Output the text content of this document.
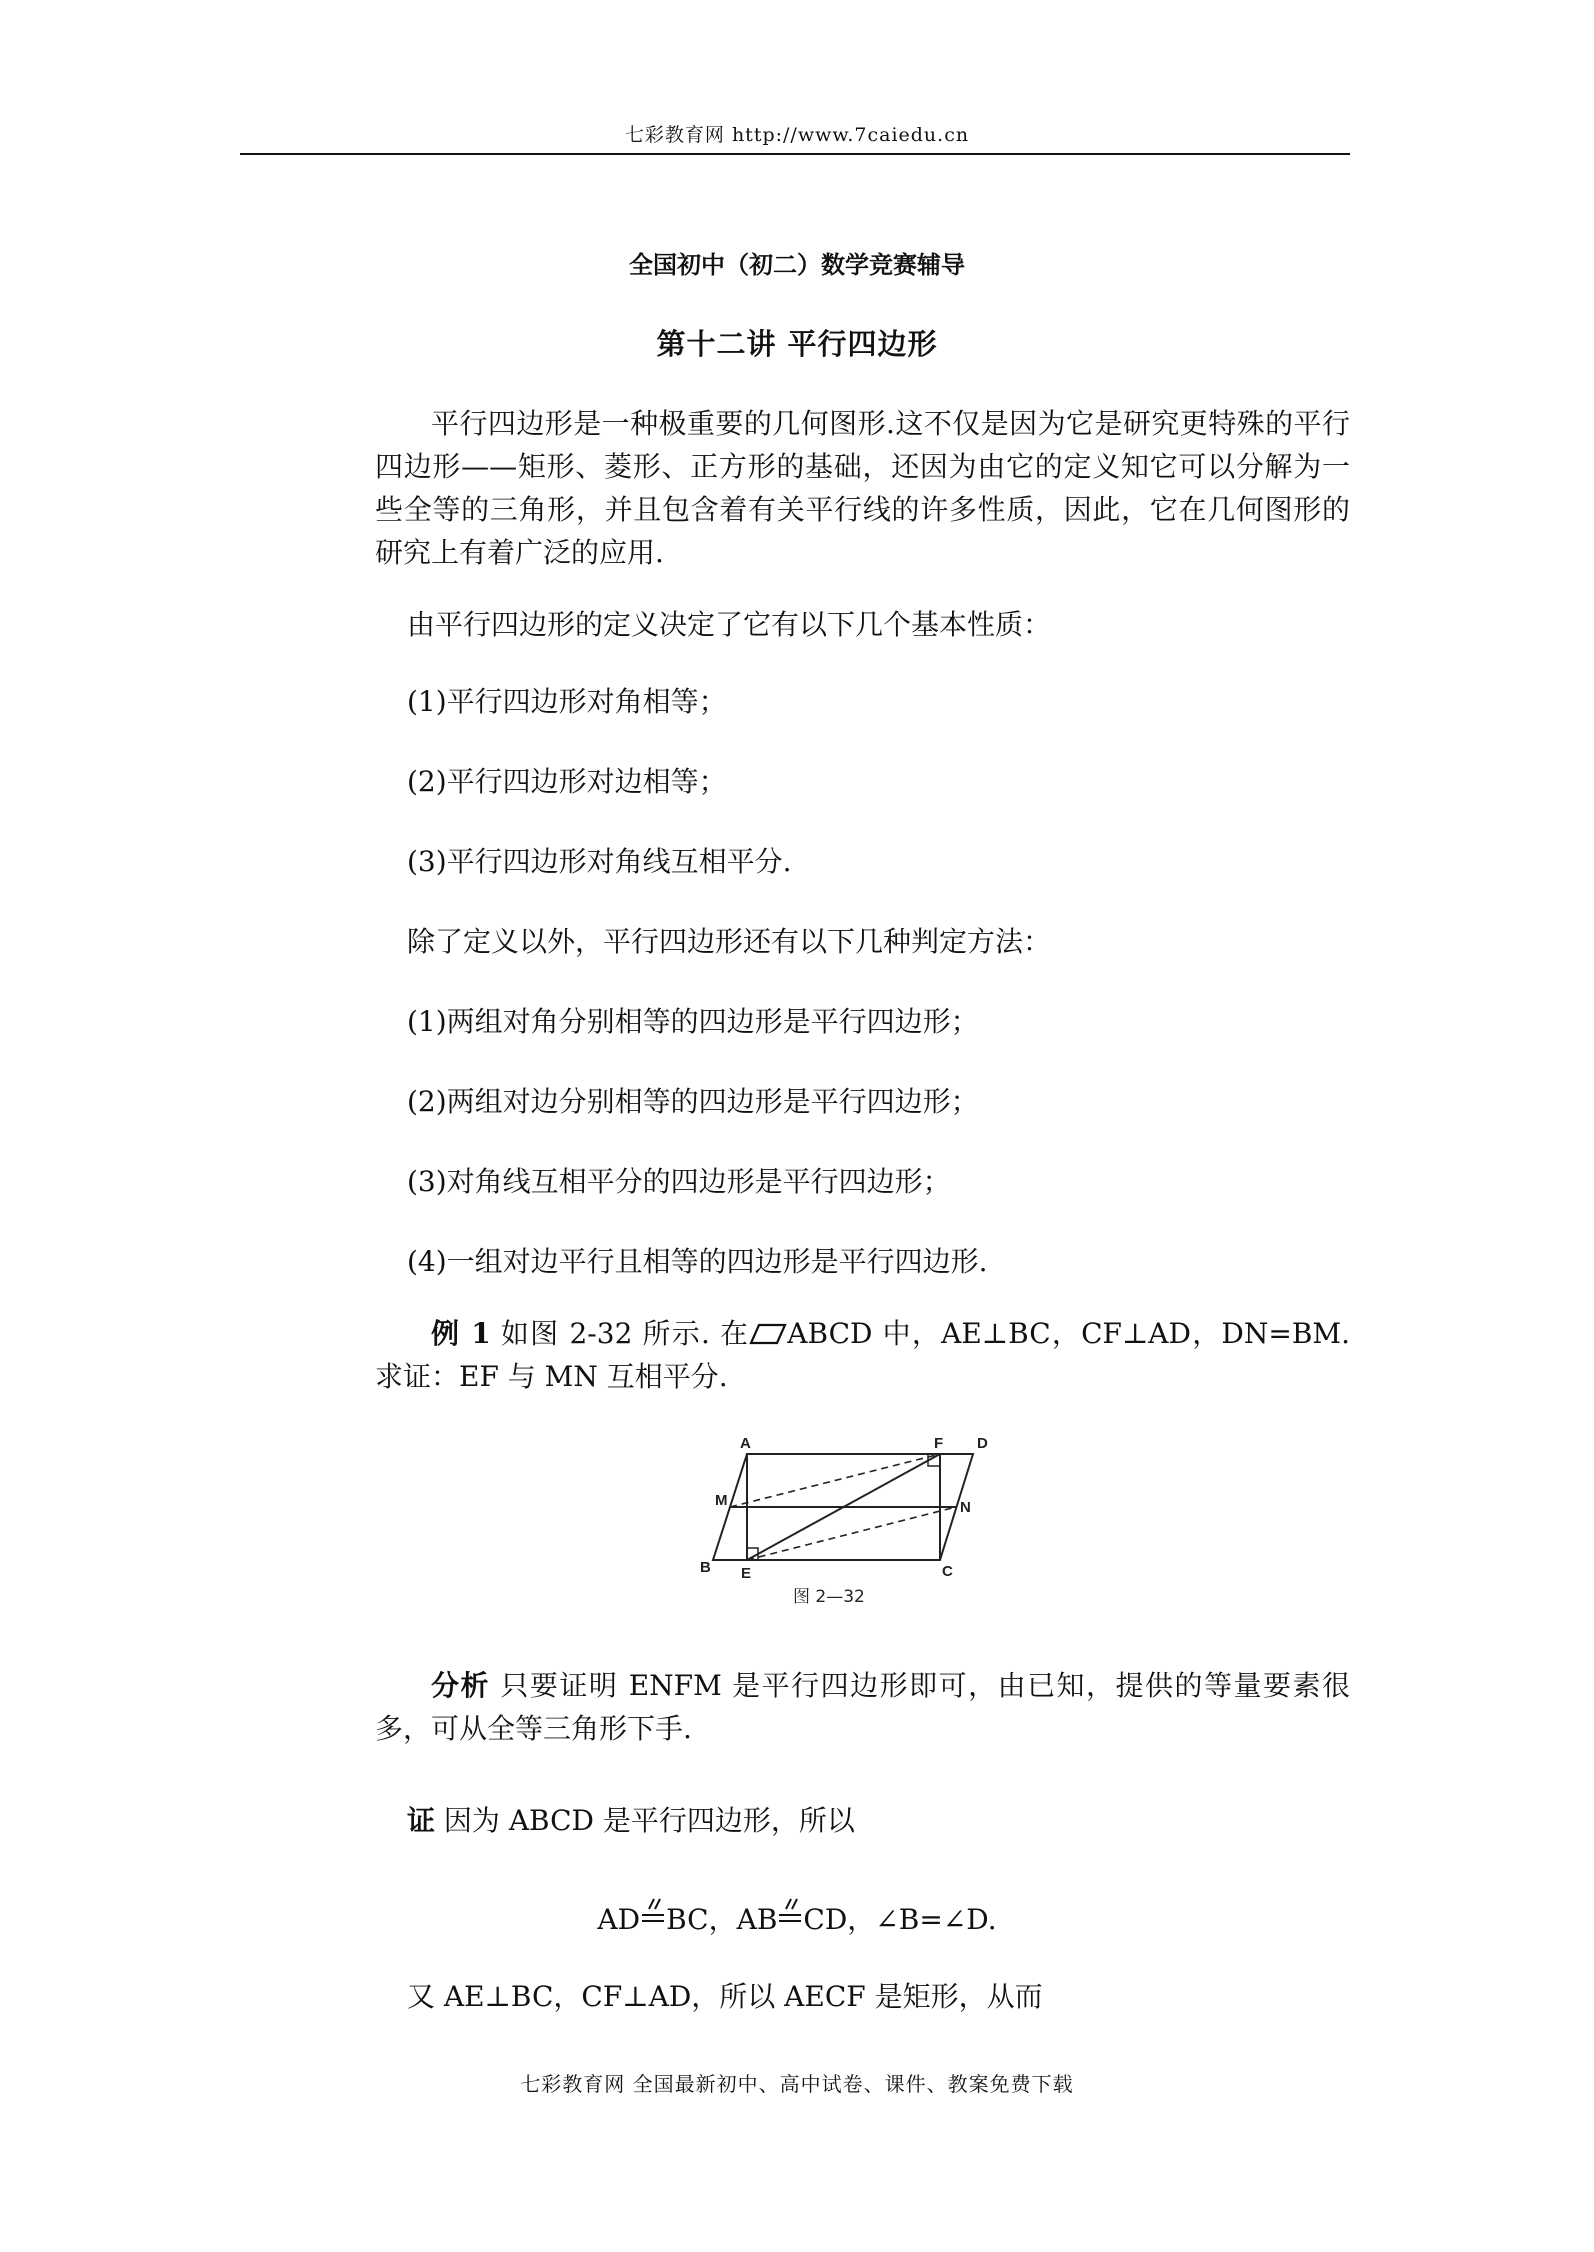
七彩教育网 http://www.7caiedu.cn
全国初中（初二）数学竞赛辅导
第十二讲 平行四边形
平行四边形是一种极重要的几何图形.这不仅是因为它是研究更特殊的平行四边形——矩形、菱形、正方形的基础，还因为由它的定义知它可以分解为一些全等的三角形，并且包含着有关平行线的许多性质，因此，它在几何图形的研究上有着广泛的应用.
由平行四边形的定义决定了它有以下几个基本性质：
(1)平行四边形对角相等；
(2)平行四边形对边相等；
(3)平行四边形对角线互相平分.
除了定义以外，平行四边形还有以下几种判定方法：
(1)两组对角分别相等的四边形是平行四边形；
(2)两组对边分别相等的四边形是平行四边形；
(3)对角线互相平分的四边形是平行四边形；
(4)一组对边平行且相等的四边形是平行四边形.
例 1 如图 2-32 所示. 在 ABCD 中，AE⊥BC，CF⊥AD，DN=BM. 求证：EF 与 MN 互相平分.
A	F D
M	N
B E	C
图 2—32
分析 只要证明 ENFM 是平行四边形即可，由已知，提供的等量要素很多，可从全等三角形下手.
证 因为 ABCD 是平行四边形，所以
AD BC，AB CD，∠B=∠D.
又 AE⊥BC，CF⊥AD，所以 AECF 是矩形，从而
七彩教育网 全国最新初中、高中试卷、课件、教案免费下载
